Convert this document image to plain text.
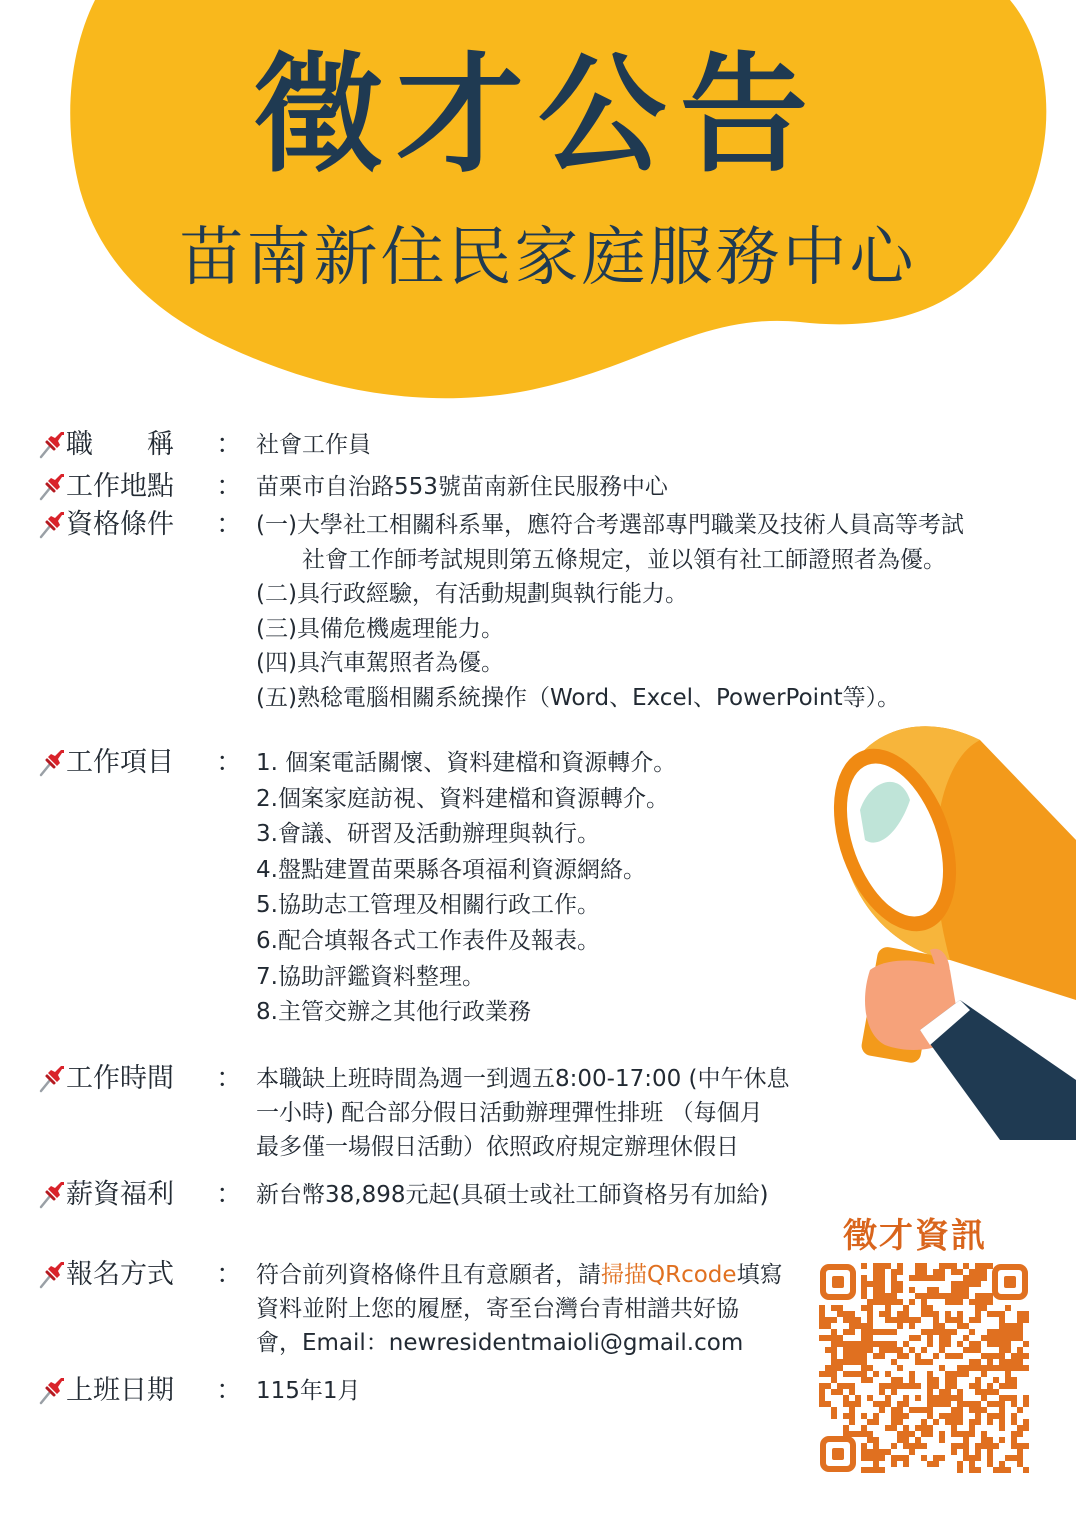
徵才公告
苗南新住民家庭服務中心
職　　稱	： 社會工作員
工作地點	： 苗栗市自治路553號苗南新住民服務中心
資格條件	： (一)大學社工相關科系畢，應符合考選部專門職業及技術人員高等考試
　　社會工作師考試規則第五條規定，並以領有社工師證照者為優。
(二)具行政經驗，有活動規劃與執行能力。
(三)具備危機處理能力。
(四)具汽車駕照者為優。
(五)熟稔電腦相關系統操作（Word、Excel、PowerPoint等）。
工作項目	： 1. 個案電話關懷、資料建檔和資源轉介。
2.個案家庭訪視、資料建檔和資源轉介。
3.會議、研習及活動辦理與執行。
4.盤點建置苗栗縣各項福利資源網絡。
5.協助志工管理及相關行政工作。
6.配合填報各式工作表件及報表。
7.協助評鑑資料整理。
8.主管交辦之其他行政業務
工作時間	： 本職缺上班時間為週一到週五8:00-17:00 (中午休息
一小時) 配合部分假日活動辦理彈性排班 （每個月
最多僅一場假日活動）依照政府規定辦理休假日
薪資福利	： 新台幣38,898元起(具碩士或社工師資格另有加給)
報名方式	： 符合前列資格條件且有意願者，請掃描QRcode填寫
資料並附上您的履歷，寄至台灣台青柑譜共好協
會，Email：newresidentmaioli@gmail.com
上班日期	： 115年1月
徵才資訊
